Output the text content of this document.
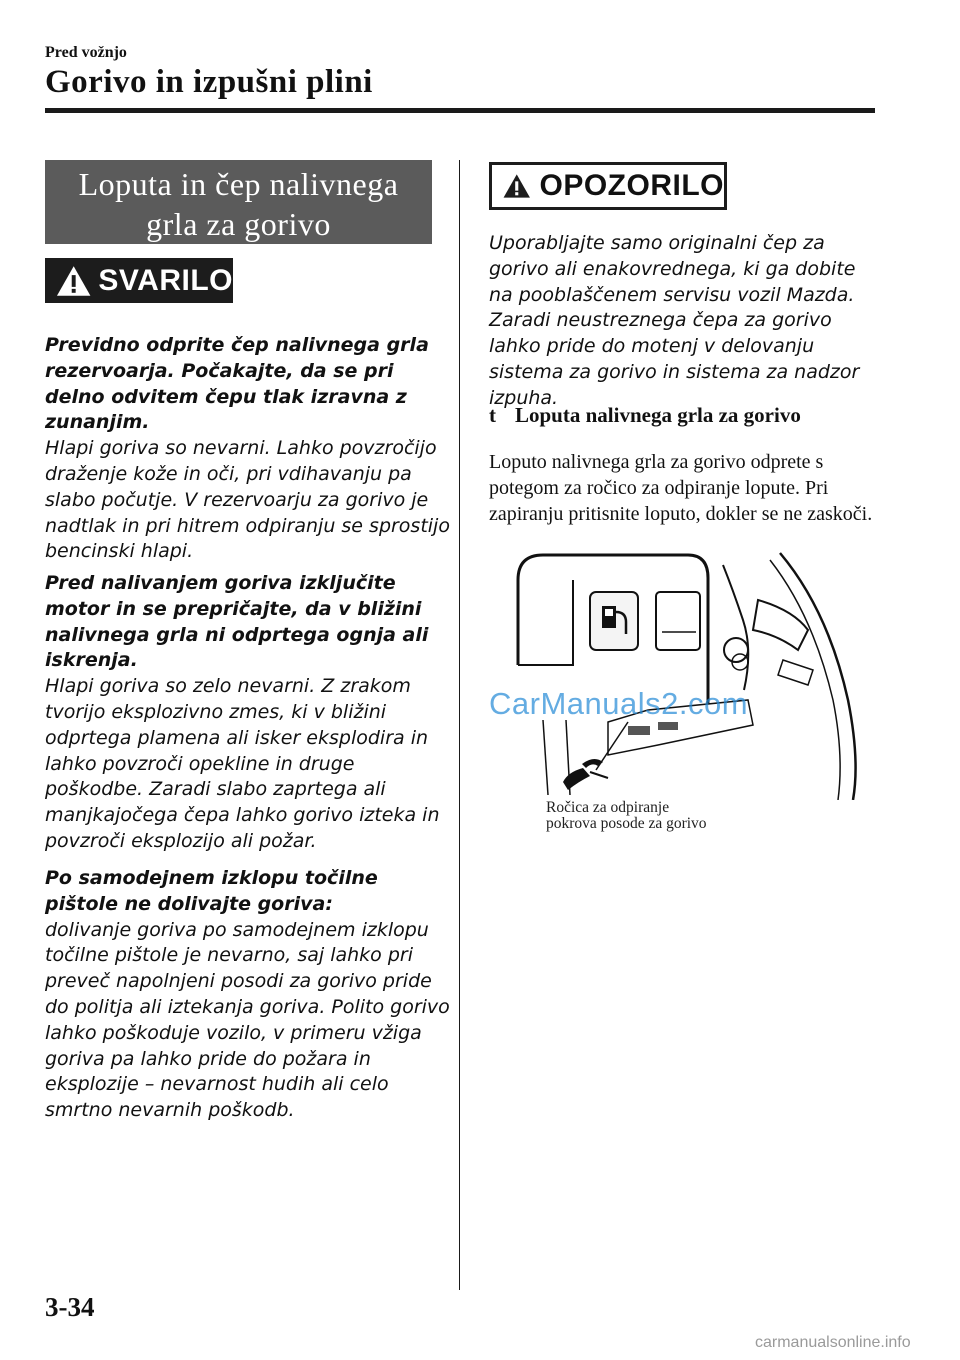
Pred vožnjo
Gorivo in izpušni plini
Loputa in čep nalivnega
grla za gorivo
SVARILO

Previdno odprite čep nalivnega grla rezervoarja. Počakajte, da se pri delno odvitem čepu tlak izravna z zunanjim.
Hlapi goriva so nevarni. Lahko povzročijo draženje kože in oči, pri vdihavanju pa slabo počutje. V rezervoarju za gorivo je nadtlak in pri hitrem odpiranju se sprostijo bencinski hlapi.

Pred nalivanjem goriva izključite motor in se prepričajte, da v bližini nalivnega grla ni odprtega ognja ali iskrenja.
Hlapi goriva so zelo nevarni. Z zrakom tvorijo eksplozivno zmes, ki v bližini odprtega plamena ali isker eksplodira in lahko povzroči opekline in druge poškodbe. Zaradi slabo zaprtega ali manjkajočega čepa lahko gorivo izteka in povzroči eksplozijo ali požar.

Po samodejnem izklopu točilne pištole ne dolivajte goriva:
dolivanje goriva po samodejnem izklopu točilne pištole je nevarno, saj lahko pri preveč napolnjeni posodi za gorivo pride do politja ali iztekanja goriva. Polito gorivo lahko poškoduje vozilo, v primeru vžiga goriva pa lahko pride do požara in eksplozije – nevarnost hudih ali celo smrtno nevarnih poškodb.

OPOZORILO

Uporabljajte samo originalni čep za gorivo ali enakovrednega, ki ga dobite na pooblaščenem servisu vozil Mazda. Zaradi neustreznega čepa za gorivo lahko pride do motenj v delovanju sistema za gorivo in sistema za nadzor izpuha.

t Loputa nalivnega grla za gorivo

Loputo nalivnega grla za gorivo odprete s potegom za ročico za odpiranje lopute. Pri zapiranju pritisnite loputo, dokler se ne zaskoči.

Ročica za odpiranje
pokrova posode za gorivo
CarManuals2.com
3-34
carmanualsonline.info
